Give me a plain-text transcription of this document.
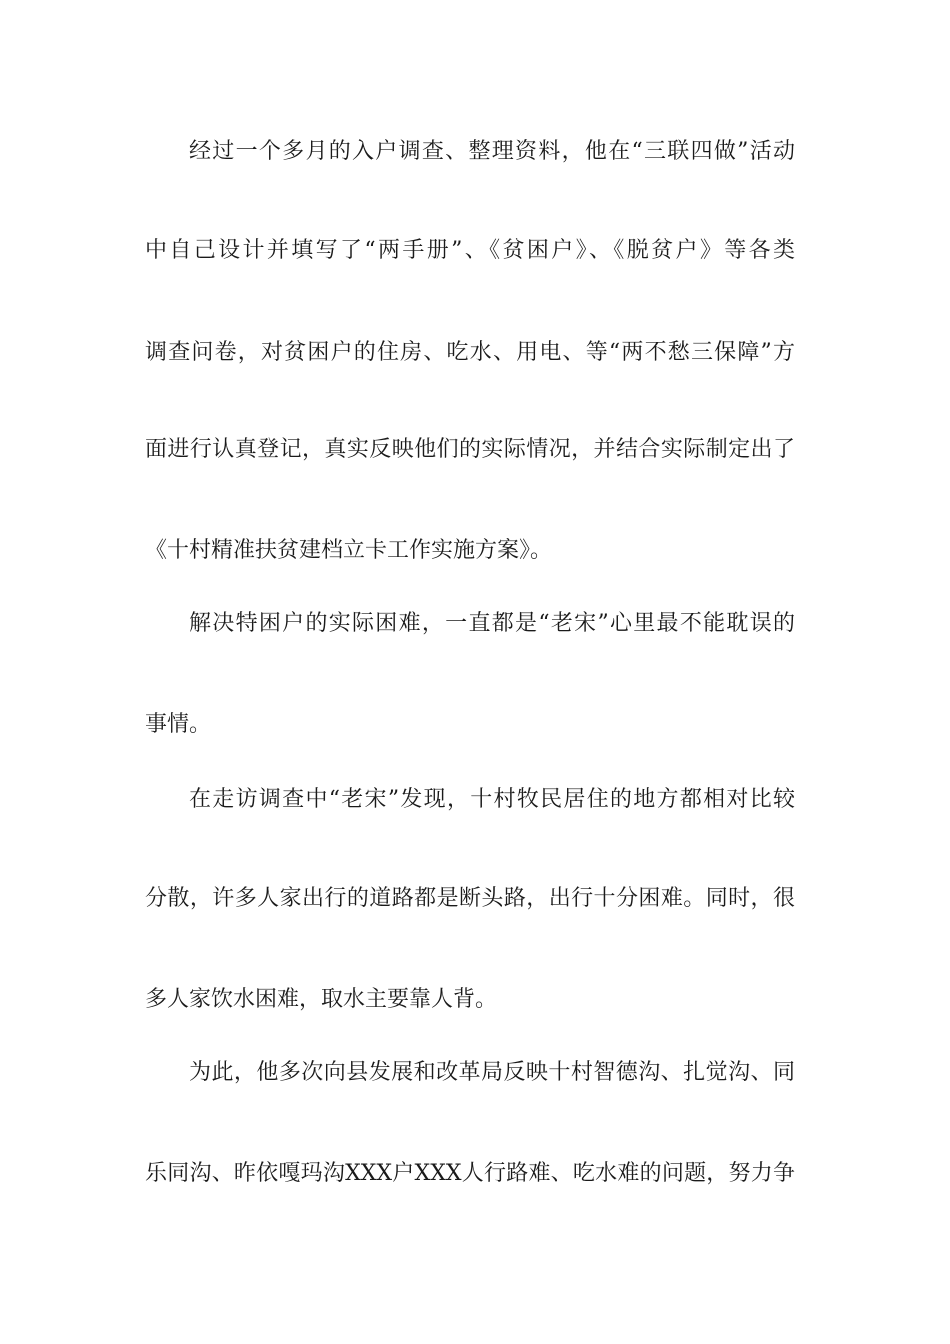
经过一个多月的入户调查、整理资料，他在“三联四做”活动
中自己设计并填写了“两手册”、《贫困户》、《脱贫户》等各类
调查问卷，对贫困户的住房、吃水、用电、等“两不愁三保障”方
面进行认真登记，真实反映他们的实际情况，并结合实际制定出了
《十村精准扶贫建档立卡工作实施方案》。
解决特困户的实际困难，一直都是“老宋”心里最不能耽误的
事情。
在走访调查中“老宋”发现，十村牧民居住的地方都相对比较
分散，许多人家出行的道路都是断头路，出行十分困难。同时，很
多人家饮水困难，取水主要靠人背。
为此，他多次向县发展和改革局反映十村智德沟、扎觉沟、同
乐同沟、昨依嘎玛沟XXX户XXX人行路难、吃水难的问题，努力争
